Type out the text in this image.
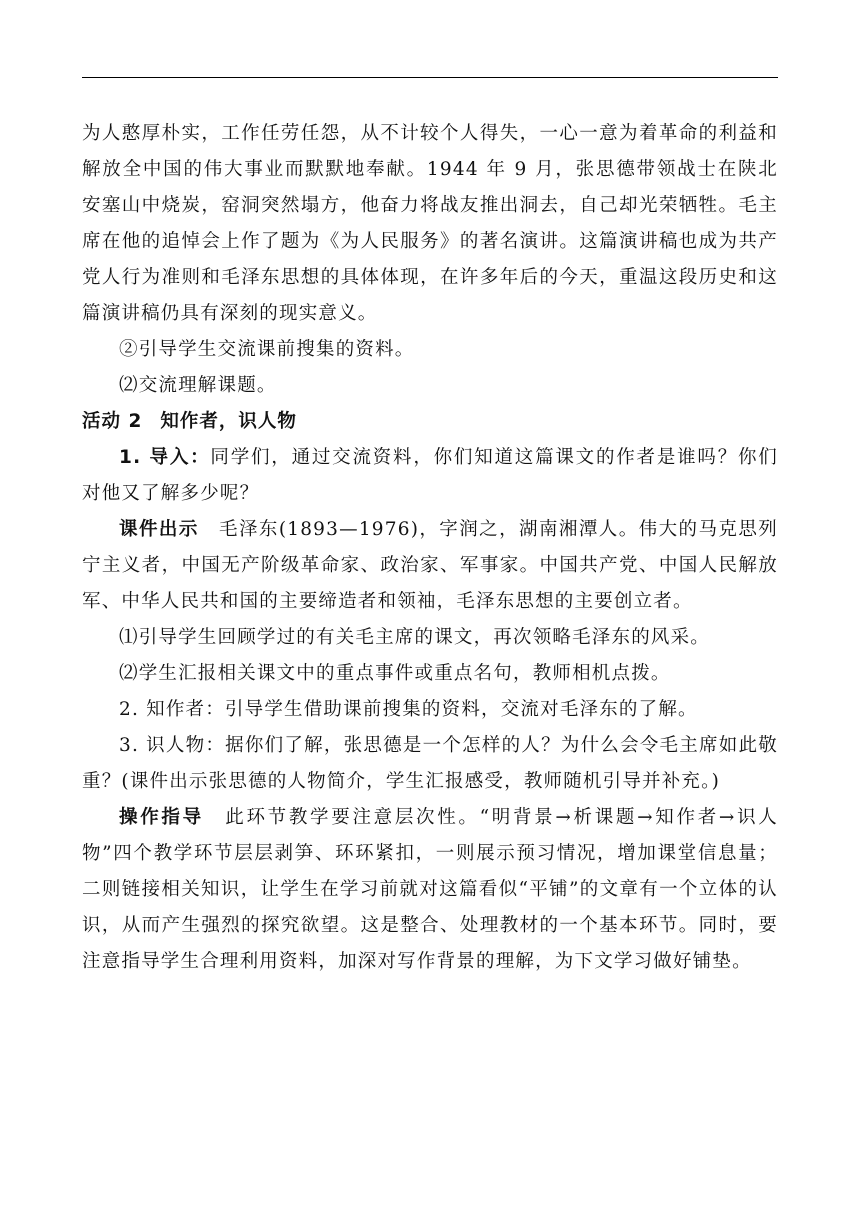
为人憨厚朴实，工作任劳任怨，从不计较个人得失，一心一意为着革命的利益和解放全中国的伟大事业而默默地奉献。1944 年 9 月，张思德带领战士在陕北安塞山中烧炭，窑洞突然塌方，他奋力将战友推出洞去，自己却光荣牺牲。毛主席在他的追悼会上作了题为《为人民服务》的著名演讲。这篇演讲稿也成为共产党人行为准则和毛泽东思想的具体体现，在许多年后的今天，重温这段历史和这篇演讲稿仍具有深刻的现实意义。

②引导学生交流课前搜集的资料。

⑵交流理解课题。

活动 2 知作者，识人物

1. 导入：同学们，通过交流资料，你们知道这篇课文的作者是谁吗？你们对他又了解多少呢？

课件出示 毛泽东(1893—1976)，字润之，湖南湘潭人。伟大的马克思列宁主义者，中国无产阶级革命家、政治家、军事家。中国共产党、中国人民解放军、中华人民共和国的主要缔造者和领袖，毛泽东思想的主要创立者。

⑴引导学生回顾学过的有关毛主席的课文，再次领略毛泽东的风采。

⑵学生汇报相关课文中的重点事件或重点名句，教师相机点拨。

2. 知作者：引导学生借助课前搜集的资料，交流对毛泽东的了解。

3. 识人物：据你们了解，张思德是一个怎样的人？为什么会令毛主席如此敬重？(课件出示张思德的人物简介，学生汇报感受，教师随机引导并补充。)

操作指导 此环节教学要注意层次性。“明背景→析课题→知作者→识人物”四个教学环节层层剥笋、环环紧扣，一则展示预习情况，增加课堂信息量；二则链接相关知识，让学生在学习前就对这篇看似“平铺”的文章有一个立体的认识，从而产生强烈的探究欲望。这是整合、处理教材的一个基本环节。同时，要注意指导学生合理利用资料，加深对写作背景的理解，为下文学习做好铺垫。
